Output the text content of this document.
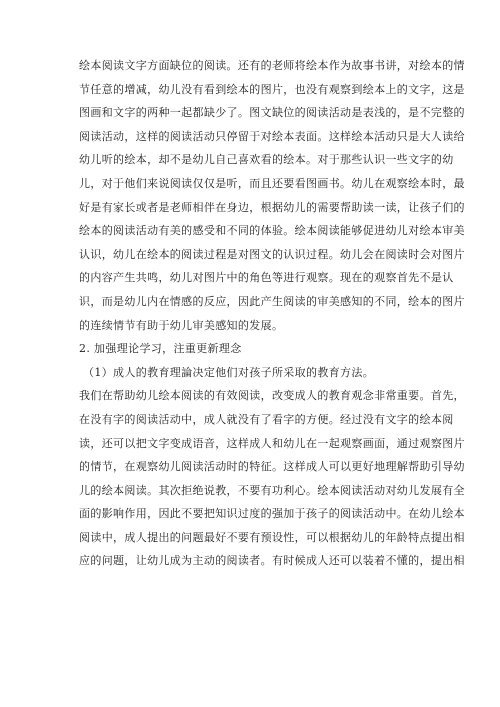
绘本阅读文字方面缺位的阅读。还有的老师将绘本作为故事书讲，对绘本的情
节任意的增减，幼儿没有看到绘本的图片，也没有观察到绘本上的文字，这是
图画和文字的两种一起都缺少了。图文缺位的阅读活动是表浅的，是不完整的
阅读活动，这样的阅读活动只停留于对绘本表面。这样绘本活动只是大人读给
幼儿听的绘本，却不是幼儿自己喜欢看的绘本。对于那些认识一些文字的幼
儿，对于他们来说阅读仅仅是听，而且还要看图画书。幼儿在观察绘本时，最
好是有家长或者是老师相伴在身边，根据幼儿的需要帮助读一读，让孩子们的
绘本的阅读活动有美的感受和不同的体验。绘本阅读能够促进幼儿对绘本审美
认识，幼儿在绘本的阅读过程是对图文的认识过程。幼儿会在阅读时会对图片
的内容产生共鸣，幼儿对图片中的角色等进行观察。现在的观察首先不是认
识，而是幼儿内在情感的反应，因此产生阅读的审美感知的不同，绘本的图片
的连续情节有助于幼儿审美感知的发展。
2. 加强理论学习，注重更新理念
（1）成人的教育理論决定他们对孩子所采取的教育方法。
我们在帮助幼儿绘本阅读的有效阅读，改变成人的教育观念非常重要。首先，
在没有字的阅读活动中，成人就没有了看字的方便。经过没有文字的绘本阅
读，还可以把文字变成语音，这样成人和幼儿在一起观察画面，通过观察图片
的情节，在观察幼儿阅读活动时的特征。这样成人可以更好地理解帮助引导幼
儿的绘本阅读。其次拒绝说教，不要有功利心。绘本阅读活动对幼儿发展有全
面的影响作用，因此不要把知识过度的强加于孩子的阅读活动中。在幼儿绘本
阅读中，成人提出的问题最好不要有预设性，可以根据幼儿的年龄特点提出相
应的问题，让幼儿成为主动的阅读者。有时候成人还可以装着不懂的，提出相
